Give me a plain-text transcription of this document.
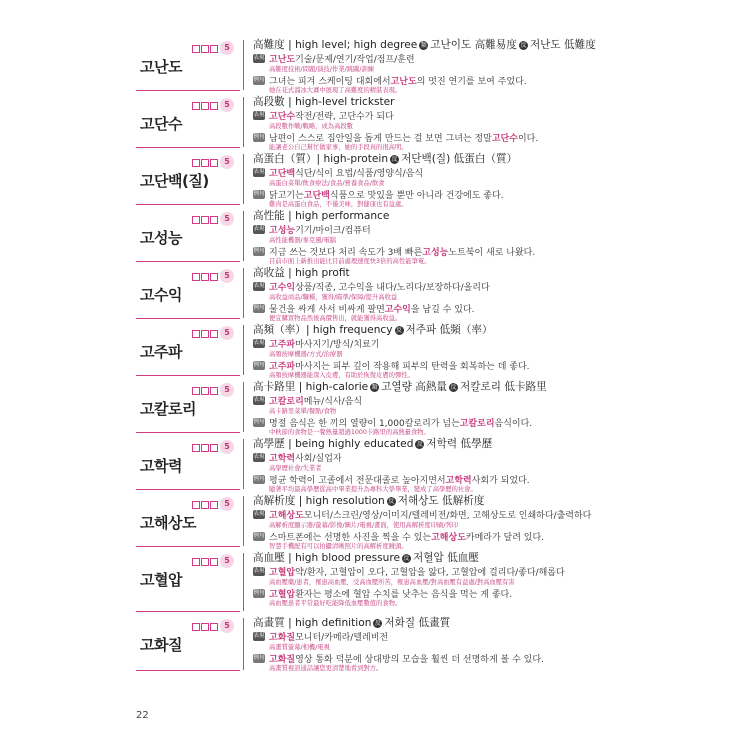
고난도
5	高難度 | high level; high degree 類 고난이도 高難易度 反 저난도 低難度
表現 고난도 기술/문제/연기/작업/점프/훈련
高難度技術/問題/演技/作業/跳躍/訓練
例句 그녀는 피겨 스케이팅 대회에서 고난도 의 멋진 연기를 보여 주었다.
她在花式溜冰大賽中展現了高難度的精湛表現。
고단수
5	高段數 | high-level trickster
表現 고단수 작전/전략, 고단수가 되다
高段數作戰/戰略，成為高段數
例句 남편이 스스로 집안일을 돕게 만드는 걸 보면 그녀는 정말 고단수 이다.
能讓老公自己幫忙做家事，她的手段真的很高明。
고단백(질)
5	高蛋白（質）| high-protein 反 저단백(질) 低蛋白（質）
表現 고단백 식단/식이 요법/식품/영양식/음식
高蛋白菜單/飲食療法/食品/營養食品/飲食
例句 닭고기는 고단백 식품으로 맛있을 뿐만 아니라 건강에도 좋다.
雞肉是高蛋白食品，不僅美味，對健康也有益處。
고성능
5	高性能 | high performance
表現 고성능 기기/마이크/컴퓨터
高性能機器/麥克風/電腦
例句 지금 쓰는 것보다 처리 속도가 3배 빠른 고성능 노트북이 새로 나왔다.
目前市面上新推出能比目前處理速度快3倍的高性能筆電。
고수익
5	高收益 | high profit
表現 고수익 상품/직종, 고수익을 내다/노리다/보장하다/올리다
高收益商品/職種，獲得/瞄準/保障/提升高收益
例句 물건을 싸게 사서 비싸게 팔면 고수익 을 남길 수 있다.
便宜購買物品然後高價售出，就能獲得高收益。
고주파
5	高頻（率）| high frequency 反 저주파 低頻（率）
表現 고주파 마사지기/방식/치료기
高頻按摩機器/方式/治療器
例句 고주파 마사지는 피부 깊이 작용해 피부의 탄력을 회복하는 데 좋다.
高頻按摩機器能深入皮膚，有助於恢復皮膚的彈性。
고칼로리
5	高卡路里 | high-calorie 類 고열량 高熱量 反 저칼로리 低卡路里
表現 고칼로리 메뉴/식사/음식
高卡路里菜單/餐點/食物
例句 명절 음식은 한 끼의 열량이 1,000칼로리가 넘는 고칼로리 음식이다.
中秋節的食物是一餐熱量超過1000卡路里的高熱量食物。
고학력
5	高學歷 | being highly educated 反 저학력 低學歷
表現 고학력 사회/실업자
高學歷社會/失業者
例句 평균 학력이 고졸에서 전문대졸로 높아지면서 고학력 사회가 되었다.
隨著平均最高學歷從高中畢業提升為專科大學畢業，變成了高學歷的社會。
고해상도
5	高解析度 | high resolution 反 저해상도 低解析度
表現 고해상도 모니터/스크린/영상/이미지/텔레비전/화면, 고해상도로 인쇄하다/출력하다
高解析度顯示器/螢幕/影像/圖片/電視/畫面，使用高解析度印刷/列印
例句 스마트폰에는 선명한 사진을 찍을 수 있는 고해상도 카메라가 달려 있다.
智慧手機配有可以拍攝清晰照片的高解析度鏡頭。
고혈압
5	高血壓 | high blood pressure 反 저혈압 低血壓
表現 고혈압 약/환자, 고혈압이 오다, 고혈압을 앓다, 고혈압에 걸리다/좋다/해롭다
高血壓藥/患者，罹患高血壓，受高血壓所苦，罹患高血壓/對高血壓有益處/對高血壓有害
例句 고혈압 환자는 평소에 혈압 수치를 낮추는 음식을 먹는 게 좋다.
高血壓患者平常最好吃能降低血壓數值的食物。
고화질
5	高畫質 | high definition 反 저화질 低畫質
表現 고화질 모니터/카메라/텔레비전
高畫質螢幕/相機/電視
例句 고화질 영상 통화 덕분에 상대방의 모습을 훨씬 더 선명하게 볼 수 있다.
高畫質視訊通話讓您更清楚地看到對方。
22
